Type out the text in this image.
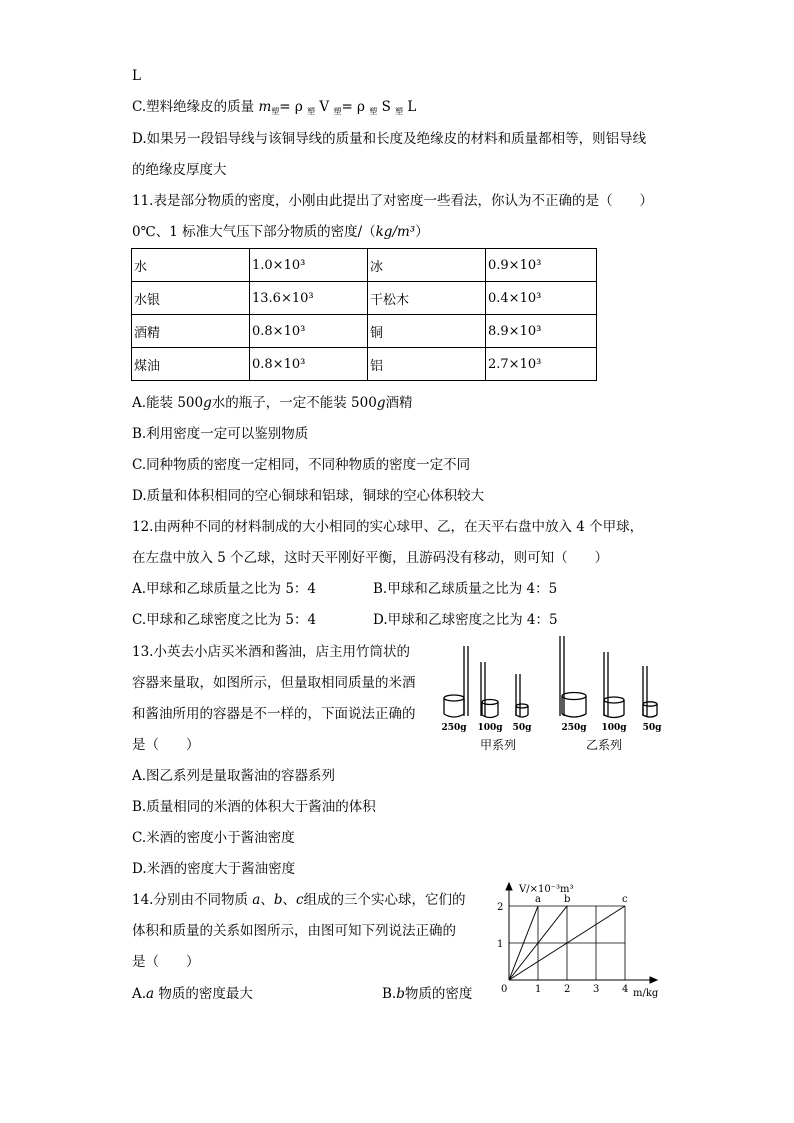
L
C.塑料绝缘皮的质量 $m_塑= \rho$ $_塑$ V $_塑$= ρ $_塑$ S $_塑$ L
D.如果另一段铝导线与该铜导线的质量和长度及绝缘皮的材料和质量都相等，则铝导线
的绝缘皮厚度大
11.表是部分物质的密度，小刚由此提出了对密度一些看法，你认为不正确的是（　　）
0℃、1 标准大气压下部分物质的密度/（kg/m³）
水	1.0×10³	冰	0.9×10³
水银	13.6×10³	干松木	0.4×10³
酒精	0.8×10³	铜	8.9×10³
煤油	0.8×10³	铝	2.7×10³
A.能装 500g水的瓶子，一定不能装 500g酒精
B.利用密度一定可以鉴别物质
C.同种物质的密度一定相同，不同种物质的密度一定不同
D.质量和体积相同的空心铜球和铝球，铜球的空心体积较大
12.由两种不同的材料制成的大小相同的实心球甲、乙，在天平右盘中放入 4 个甲球，
在左盘中放入 5 个乙球，这时天平刚好平衡，且游码没有移动，则可知（　　）
A.甲球和乙球质量之比为 5：4	B.甲球和乙球质量之比为 4：5
C.甲球和乙球密度之比为 5：4	D.甲球和乙球密度之比为 4：5
13.小英去小店买米酒和酱油，店主用竹筒状的
容器来量取，如图所示，但量取相同质量的米酒
和酱油所用的容器是不一样的，下面说法正确的
是（　　）
A.图乙系列是量取酱油的容器系列
B.质量相同的米酒的体积大于酱油的体积
C.米酒的密度小于酱油密度
D.米酒的密度大于酱油密度
250g 100g 50g	250g 100g 50g
甲系列	乙系列
14.分别由不同物质 a、b、c组成的三个实心球，它们的
体积和质量的关系如图所示，由图可知下列说法正确的
是（　　）
A.a 物质的密度最大	B.b物质的密度
V/×10⁻³m³
m/kg
1
2
0	1 2 3 4
a b	c
